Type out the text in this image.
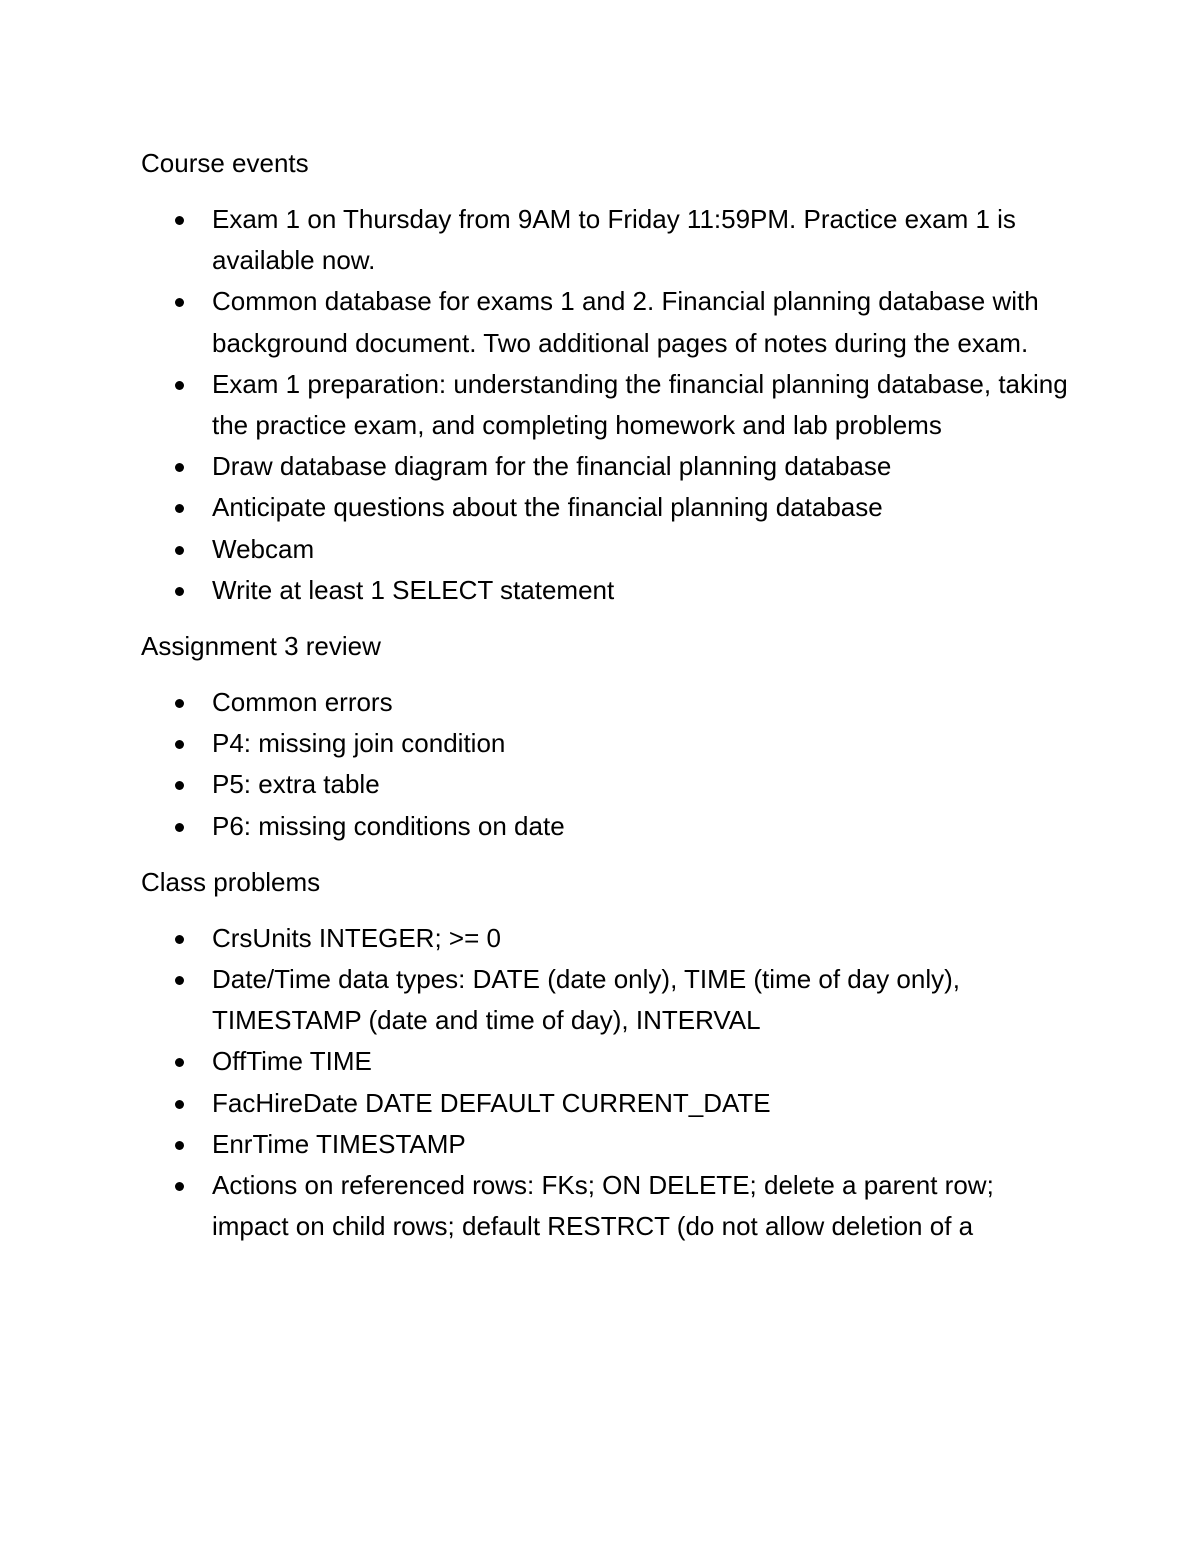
Course events
Exam 1 on Thursday from 9AM to Friday 11:59PM. Practice exam 1 is available now.
Common database for exams 1 and 2. Financial planning database with background document. Two additional pages of notes during the exam.
Exam 1 preparation: understanding the financial planning database, taking the practice exam, and completing homework and lab problems
Draw database diagram for the financial planning database
Anticipate questions about the financial planning database
Webcam
Write at least 1 SELECT statement
Assignment 3 review
Common errors
P4: missing join condition
P5: extra table
P6: missing conditions on date
Class problems
CrsUnits INTEGER; >= 0
Date/Time data types: DATE (date only), TIME (time of day only), TIMESTAMP (date and time of day), INTERVAL
OffTime TIME
FacHireDate DATE DEFAULT CURRENT_DATE
EnrTime TIMESTAMP
Actions on referenced rows: FKs; ON DELETE; delete a parent row; impact on child rows; default RESTRCT (do not allow deletion of a
